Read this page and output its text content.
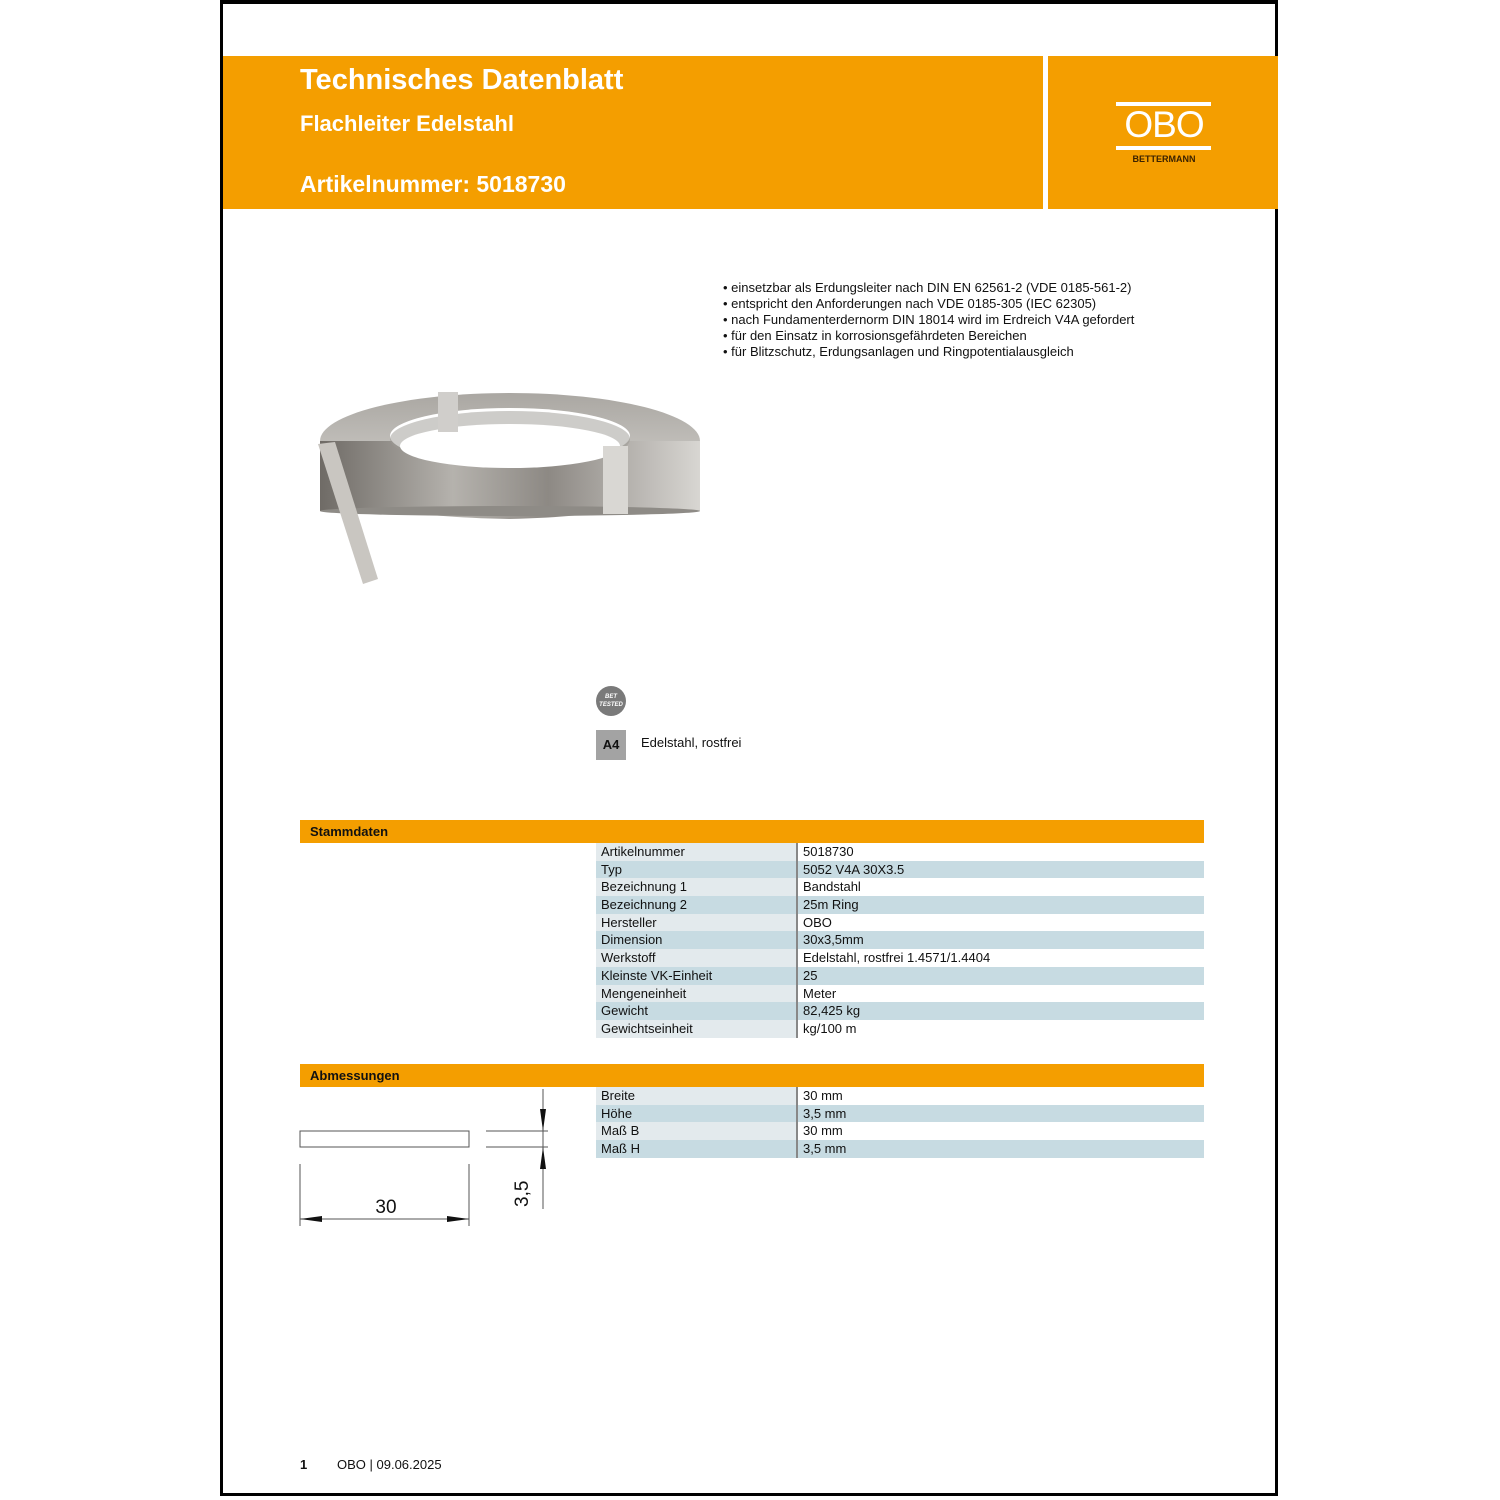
Technisches Datenblatt
Flachleiter Edelstahl
Artikelnummer: 5018730
OBO
BETTERMANN
• einsetzbar als Erdungsleiter nach DIN EN 62561-2 (VDE 0185-561-2)
• entspricht den Anforderungen nach VDE 0185-305 (IEC 62305)
• nach Fundamenterdernorm DIN 18014 wird im Erdreich V4A gefordert
• für den Einsatz in korrosionsgefährdeten Bereichen
• für Blitzschutz, Erdungsanlagen und Ringpotentialausgleich
BET
TESTED
A4	Edelstahl, rostfrei
Stammdaten
Artikelnummer	5018730
Typ	5052 V4A 30X3.5
Bezeichnung 1	Bandstahl
Bezeichnung 2	25m Ring
Hersteller	OBO
Dimension	30x3,5mm
Werkstoff	Edelstahl, rostfrei 1.4571/1.4404
Kleinste VK-Einheit	25
Mengeneinheit	Meter
Gewicht	82,425 kg
Gewichtseinheit	kg/100 m
Abmessungen
Breite	30 mm
Höhe	3,5 mm
Maß B	30 mm
Maß H	3,5 mm
30
3,5
1 OBO | 09.06.2025
